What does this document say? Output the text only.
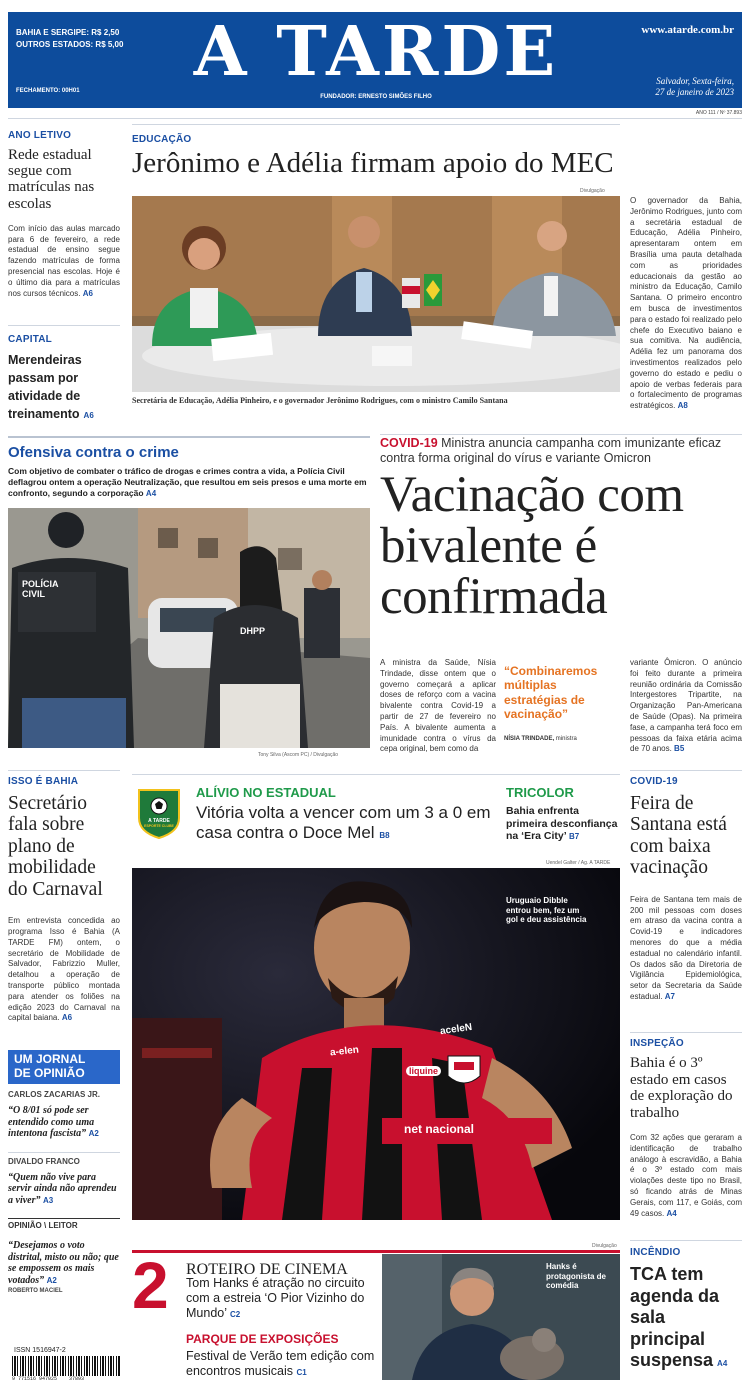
BAHIA E SERGIPE: R$ 2,50
OUTROS ESTADOS: R$ 5,00
FECHAMENTO: 00H01	A TARDE
FUNDADOR: ERNESTO SIMÕES FILHO
www.atarde.com.br
Salvador, Sexta-feira,
27 de janeiro de 2023
ANO 111 / Nº 37.893
ANO LETIVO
Rede estadual segue com matrículas nas escolas
Com início das aulas marcado para 6 de fevereiro, a rede estadual de ensino segue fazendo matrículas de forma presencial nas escolas. Hoje é o último dia para a matrículas nos cursos técnicos. A6
CAPITAL
Merendeiras passam por atividade de treinamento A6
EDUCAÇÃO
Jerônimo e Adélia firmam apoio do MEC
Divulgação
Secretária de Educação, Adélia Pinheiro, e o governador Jerônimo Rodrigues, com o ministro Camilo Santana
O governador da Bahia, Jerônimo Rodrigues, junto com a secretária estadual de Educação, Adélia Pinheiro, apresentaram ontem em Brasília uma pauta detalhada com as prioridades educacionais da gestão ao ministro da Educação, Camilo Santana. O primeiro encontro em busca de investimentos para o estado foi realizado pelo chefe do Executivo baiano e sua comitiva. Na audiência, Adélia fez um panorama dos investimentos realizados pelo governo do estado e pediu o apoio de verbas federais para o fortalecimento de programas estratégicos. A8
Ofensiva contra o crime
Com objetivo de combater o tráfico de drogas e crimes contra a vida, a Polícia Civil deflagrou ontem a operação Neutralização, que resultou em seis presos e uma morte em confronto, segundo a corporação A4
POLÍCIA CIVIL
DHPP
Tony Silva (Ascom PC) / Divulgação
COVID-19 Ministra anuncia campanha com imunizante eficaz contra forma original do vírus e variante Omicron
Vacinação com bivalente é confirmada
A ministra da Saúde, Nísia Trindade, disse ontem que o governo começará a aplicar doses de reforço com a vacina bivalente contra Covid-19 a partir de 27 de fevereiro no País. A bivalente aumenta a imunidade contra o vírus da cepa original, bem como da
“Combinaremos múltiplas estratégias de vacinação”
NÍSIA TRINDADE, ministra
variante Ômicron. O anúncio foi feito durante a primeira reunião ordinária da Comissão Intergestores Tripartite, na Organização Pan-Americana de Saúde (Opas). Na primeira fase, a campanha terá foco em pessoas da faixa etária acima de 70 anos. B5
ISSO É BAHIA
Secretário fala sobre plano de mobilidade do Carnaval
Em entrevista concedida ao programa Isso é Bahia (A TARDE FM) ontem, o secretário de Mobilidade de Salvador, Fabrizzio Muller, detalhou a operação de transporte público montada para atender os foliões na edição 2023 do Carnaval na capital baiana. A6
UM JORNAL
DE OPINIÃO
CARLOS ZACARIAS JR.
“O 8/01 só pode ser entendido como uma intentona fascista” A2
DIVALDO FRANCO
“Quem não vive para servir ainda não aprendeu a viver” A3
OPINIÃO \ LEITOR
“Desejamos o voto distrital, misto ou não; que se empossem os mais votados” A2
ROBERTO MACIEL
ISSN 1516947-2
9 771516 947025    37893
A TARDE
ESPORTE CLUBE
ALÍVIO NO ESTADUAL
Vitória volta a vencer com um 3 a 0 em casa contra o Doce Mel B8
TRICOLOR
Bahia enfrenta primeira desconfiança na ‘Era City’ B7
Uendel Galter / Ag. A TARDE
Uruguaio Dibble entrou bem, fez um gol e deu assistência
a-elen
aceleN
liquine
net nacional
COVID-19
Feira de Santana está com baixa vacinação
Feira de Santana tem mais de 200 mil pessoas com doses em atraso da vacina contra a Covid-19 e indicadores menores do que a média estadual no calendário infantil. Os dados são da Diretoria de Vigilância Epidemiológica, setor da Secretaria da Saúde estadual. A7
INSPEÇÃO
Bahia é o 3º estado em casos de exploração do trabalho
Com 32 ações que geraram a identificação de trabalho análogo à escravidão, a Bahia é o 3º estado com mais violações deste tipo no Brasil, só ficando atrás de Minas Gerais, com 117, e Goiás, com 49 casos. A4
Divulgação
2	ROTEIRO DE CINEMA
Tom Hanks é atração no circuito com a estreia ‘O Pior Vizinho do Mundo’ C2
PARQUE DE EXPOSIÇÕES
Festival de Verão tem edição com encontros musicais C1
Hanks é protagonista de comédia
INCÊNDIO
TCA tem agenda da sala principal suspensa A4
